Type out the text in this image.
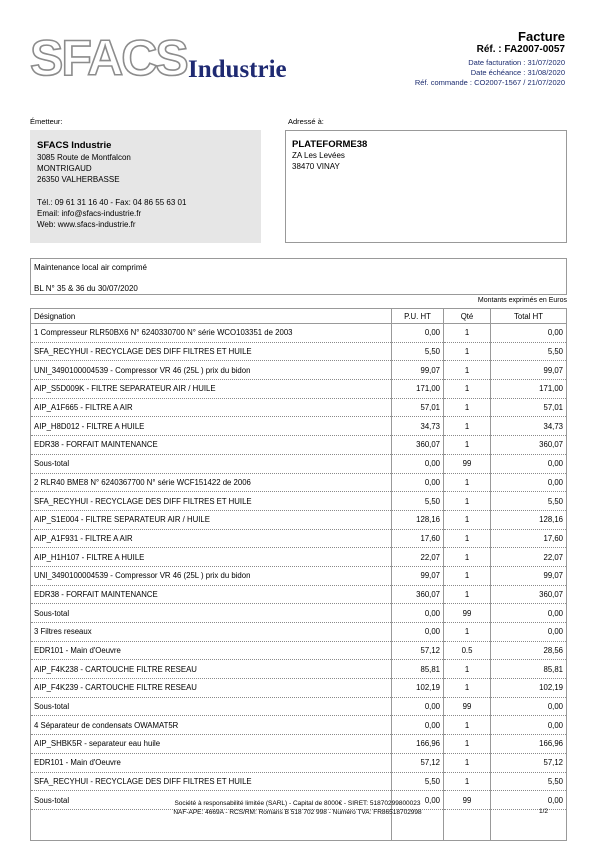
SFACS Industrie
Facture
Réf. : FA2007-0057
Date facturation : 31/07/2020
Date échéance : 31/08/2020
Réf. commande : CO2007-1567 / 21/07/2020
Émetteur:	Adressé à:
SFACS Industrie
3085 Route de Montfalcon
MONTRIGAUD
26350 VALHERBASSE
Tél.: 09 61 31 16 40 - Fax: 04 86 55 63 01
Email: info@sfacs-industrie.fr
Web: www.sfacs-industrie.fr
PLATEFORME38
ZA Les Levées
38470 VINAY
Maintenance local air comprimé
BL N° 35 & 36 du 30/07/2020
Montants exprimés en Euros
Désignation	P.U. HT	Qté	Total HT
1 Compresseur RLR50BX6 N° 6240330700 N° série WCO103351 de 2003	0,00	1	0,00
SFA_RECYHUI - RECYCLAGE DES DIFF FILTRES ET HUILE	5,50	1	5,50
UNI_3490100004539 - Compressor VR 46 (25L ) prix du bidon	99,07	1	99,07
AIP_S5D009K - FILTRE SEPARATEUR AIR / HUILE	171,00	1	171,00
AIP_A1F665 - FILTRE A AIR	57,01	1	57,01
AIP_H8D012 - FILTRE A HUILE	34,73	1	34,73
EDR38 - FORFAIT MAINTENANCE	360,07	1	360,07
Sous-total	0,00	99	0,00
2 RLR40 BME8 N° 6240367700 N° série WCF151422 de 2006	0,00	1	0,00
SFA_RECYHUI - RECYCLAGE DES DIFF FILTRES ET HUILE	5,50	1	5,50
AIP_S1E004 - FILTRE SEPARATEUR AIR / HUILE	128,16	1	128,16
AIP_A1F931 - FILTRE A AIR	17,60	1	17,60
AIP_H1H107 - FILTRE A HUILE	22,07	1	22,07
UNI_3490100004539 - Compressor VR 46 (25L ) prix du bidon	99,07	1	99,07
EDR38 - FORFAIT MAINTENANCE	360,07	1	360,07
Sous-total	0,00	99	0,00
3 Filtres reseaux	0,00	1	0,00
EDR101 - Main d'Oeuvre	57,12	0.5	28,56
AIP_F4K238 - CARTOUCHE FILTRE RESEAU	85,81	1	85,81
AIP_F4K239 - CARTOUCHE FILTRE RESEAU	102,19	1	102,19
Sous-total	0,00	99	0,00
4 Séparateur de condensats OWAMAT5R	0,00	1	0,00
AIP_SHBK5R - separateur eau huile	166,96	1	166,96
EDR101 - Main d'Oeuvre	57,12	1	57,12
SFA_RECYHUI - RECYCLAGE DES DIFF FILTRES ET HUILE	5,50	1	5,50
Sous-total	0,00	99	0,00

Société à responsabilité limitée (SARL) - Capital de 8000€ - SIRET: 51870299800023
NAF-APE: 4669A - RCS/RM: Romans B 518 702 998 - Numéro TVA: FR86518702998	1/2
